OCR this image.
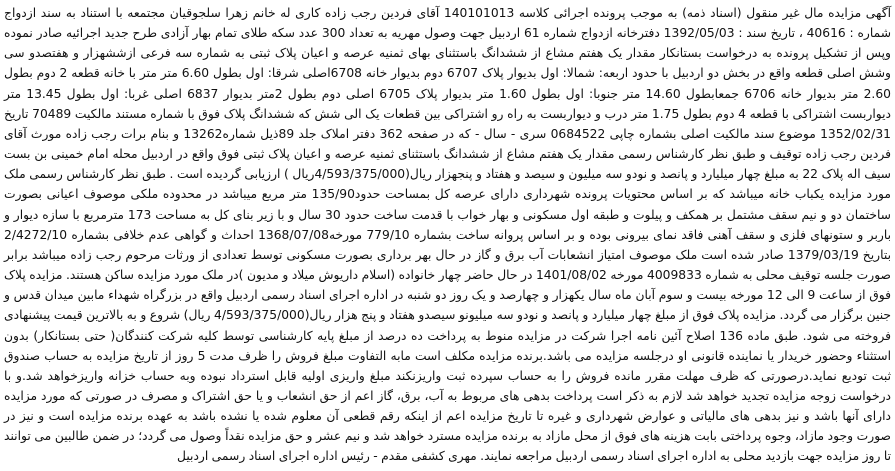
آگهی مزایده مال غیر منقول (اسناد ذمه) به موجب پرونده اجرائی کلاسه 140101013 آقای فردین رجب زاده کاری له خانم زهرا سلجوقیان مجتمعه با استناد به سند ازدواج شماره : 40616 ، تاریخ سند : 1392/05/03 دفترخانه ازدواج شماره 61 اردبیل جهت وصول مهریه به تعداد 300 عدد سکه طلای تمام بهار آزادی طرح جدید اجرائیه صادر نموده وپس از تشکیل پرونده به درخواست بستانکار مقدار یک هفتم مشاع از ششدانگ باستثنای بهای ثمنیه عرصه و اعیان پلاک ثبتی به شماره سه فرعی ازششهزار و هفتصدو سی وشش اصلی قطعه واقع در بخش دو اردبیل با حدود اربعه: شمالا: اول بدیوار پلاک 6707 دوم بدیوار خانه 6708اصلی شرقا: اول بطول 6.60 متر متر با خانه قطعه 2 دوم بطول 2.60 متر بدیوار خانه 6706 جمعابطول 14.60 متر جنوبا: اول بطول 1.60 متر بدیوار پلاک 6705 اصلی دوم بطول 2متر بدیوار 6837 اصلی غربا: اول بطول 13.45 متر دیواربست اشتراکی با قطعه 4 دوم بطول 1.75 متر درب و دیواربست به راه رو اشتراکی بین قطعات یک الی شش که ششدانگ پلاک فوق با شماره مستند مالکیت 70489 تاریخ 1352/02/31 موضوع سند مالکیت اصلی بشماره چاپی 0684522 سری - سال - که در صفحه 362 دفتر املاک جلد 89ذیل شماره13262 و بنام برات رجب زاده مورث آقای فردین رجب زاده توقیف و طبق نظر کارشناس رسمی مقدار یک هفتم مشاع از ششدانگ باستثنای ثمنیه عرصه و اعیان پلاک ثبتی فوق واقع در اردبیل محله امام خمینی بن بست سیف اله پلاک 22 به مبلغ چهار میلیارد و پانصد و نودو سه میلیون و سیصد و هفتاد و پنجهزار ریال(4/593/375/000ریال ) ارزیابی گردیده است . طبق نظر کارشناس رسمی ملک مورد مزایده یکباب خانه میباشد که بر اساس محتویات پرونده شهرداری دارای عرصه کل بمساحت حدود135/90 متر مربع میباشد در محدوده ملکی موصوف اعیانی بصورت ساختمان دو و نیم سقف مشتمل بر همکف و پیلوت و طبقه اول مسکونی و بهار خواب با قدمت ساخت حدود 30 سال و با زیر بنای کل به مساحت 173 مترمربع با سازه دیوار و باربر و ستونهای فلزی و سقف آهنی فاقد نمای بیرونی بوده و بر اساس پروانه ساخت بشماره 779/10 مورخه1368/07/08 احداث و گواهی عدم خلافی بشماره 2/4272/10 بتاریخ 1379/03/19 صادر شده است ملک موصوف امتیاز انشعابات آب برق و گاز در حال بهر برداری بصورت مسکونی توسط تعدادی از ورثات مرحوم رجب زاده میباشد برابر صورت جلسه توقیف محلی به شماره 4009833 مورخه 1401/08/02 در حال حاضر چهار خانواده (اسلام داریوش میلاد و مدیون )در ملک مورد مزایده ساکن هستند. مزایده پلاک فوق از ساعت 9 الی 12 مورخه بیست و سوم آبان ماه سال یکهزار و چهارصد و یک روز دو شنبه در اداره اجرای اسناد رسمی اردبیل واقع در بزرگراه شهداء مابین میدان قدس و جنین برگزار می گردد. مزایده پلاک فوق از مبلغ چهار میلیارد و پانصد و نودو سه میلیونو سیصدو هفتاد و پنج هزار ریال(4/593/375/000 ریال) شروع و به بالاترین قیمت پیشنهادی فروخته می شود. طبق ماده 136 اصلاح آئین نامه اجرا شرکت در مزایده منوط به پرداخت ده درصد از مبلغ پایه کارشناسی توسط کلیه شرکت کنندگان( حتی بستانکار) بدون استثناء وحضور خریدار یا نماینده قانونی او درجلسه مزایده می باشد.برنده مزایده مکلف است مابه التفاوت مبلغ فروش را ظرف مدت 5 روز از تاریخ مزایده به حساب صندوق ثبت تودیع نماید.درصورتی که ظرف مهلت مقرر مانده فروش را به حساب سپرده ثبت واریزنکند مبلغ واریزی اولیه قابل استرداد نبوده وبه حساب خزانه واریزخواهد شد.و با درخواست زوجه مزایده تجدید خواهد شد لازم به ذکر است پرداخت بدهی های مربوط به آب، برق، گاز اعم از حق انشعاب و یا حق اشتراک و مصرف در صورتی که مورد مزایده دارای آنها باشد و نیز بدهی های مالیاتی و عوارض شهرداری و غیره تا تاریخ مزایده اعم از اینکه رقم قطعی آن معلوم شده یا نشده باشد به عهده برنده مزایده است و نیز در صورت وجود مازاد، وجوه پرداختی بابت هزینه های فوق از محل مازاد به برنده مزایده مسترد خواهد شد و نیم عشر و حق مزایده نقداً وصول می گردد؛ در ضمن طالبین می توانند تا روز مزایده جهت بازدید محلی به اداره اجرای اسناد رسمی اردبیل مراجعه نمایند. مهری کشفی مقدم - رئیس اداره اجرای اسناد رسمی اردبیل
